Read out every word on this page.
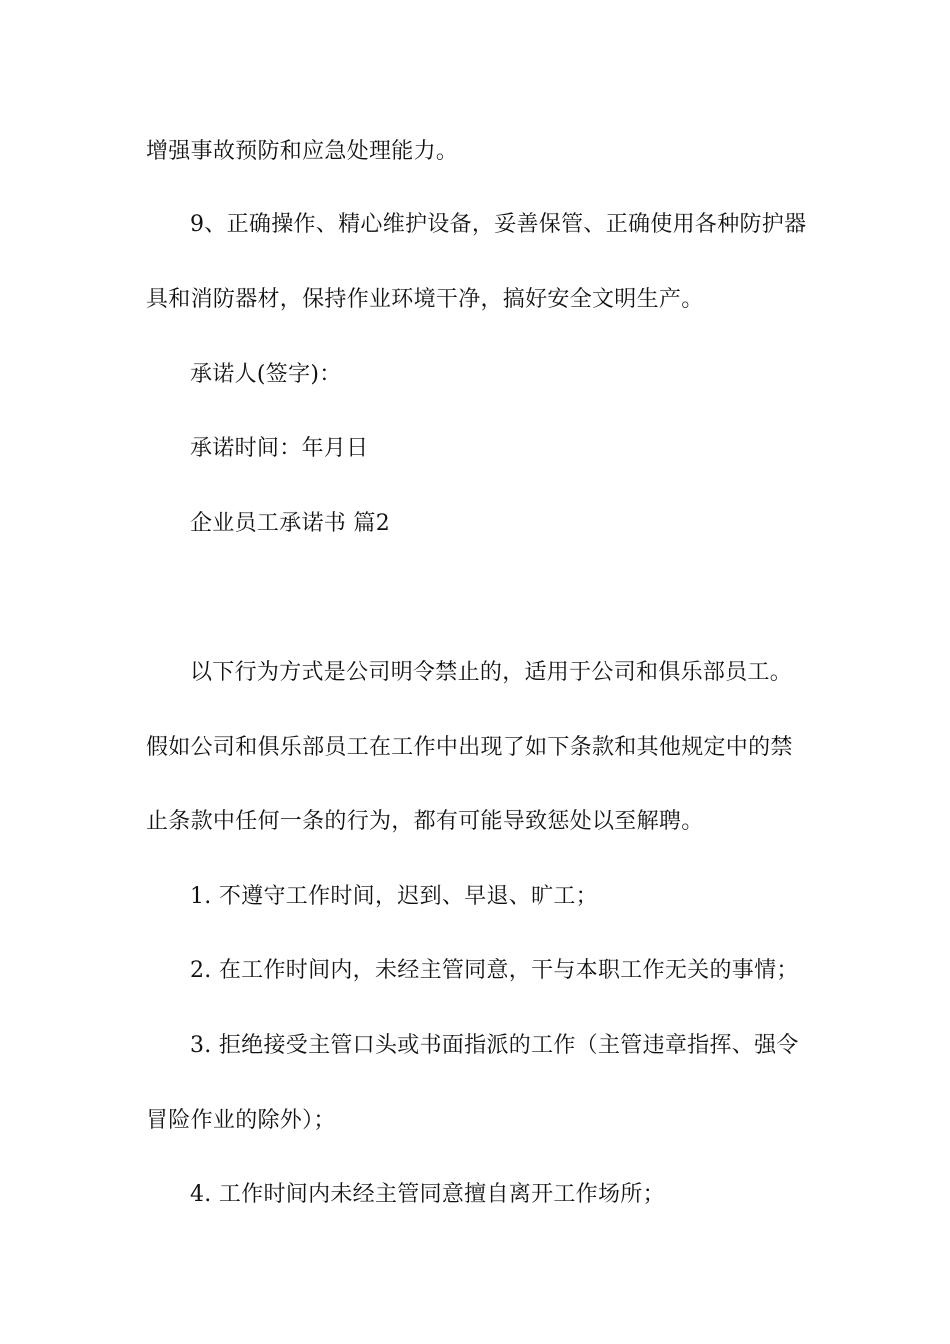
增强事故预防和应急处理能力。
9、正确操作、精心维护设备，妥善保管、正确使用各种防护器
具和消防器材，保持作业环境干净，搞好安全文明生产。
承诺人(签字)：
承诺时间：年月日
企业员工承诺书 篇2
以下行为方式是公司明令禁止的，适用于公司和俱乐部员工。
假如公司和俱乐部员工在工作中出现了如下条款和其他规定中的禁
止条款中任何一条的行为，都有可能导致惩处以至解聘。
1. 不遵守工作时间，迟到、早退、旷工；
2. 在工作时间内，未经主管同意，干与本职工作无关的事情；
3. 拒绝接受主管口头或书面指派的工作（主管违章指挥、强令
冒险作业的除外）；
4. 工作时间内未经主管同意擅自离开工作场所；
